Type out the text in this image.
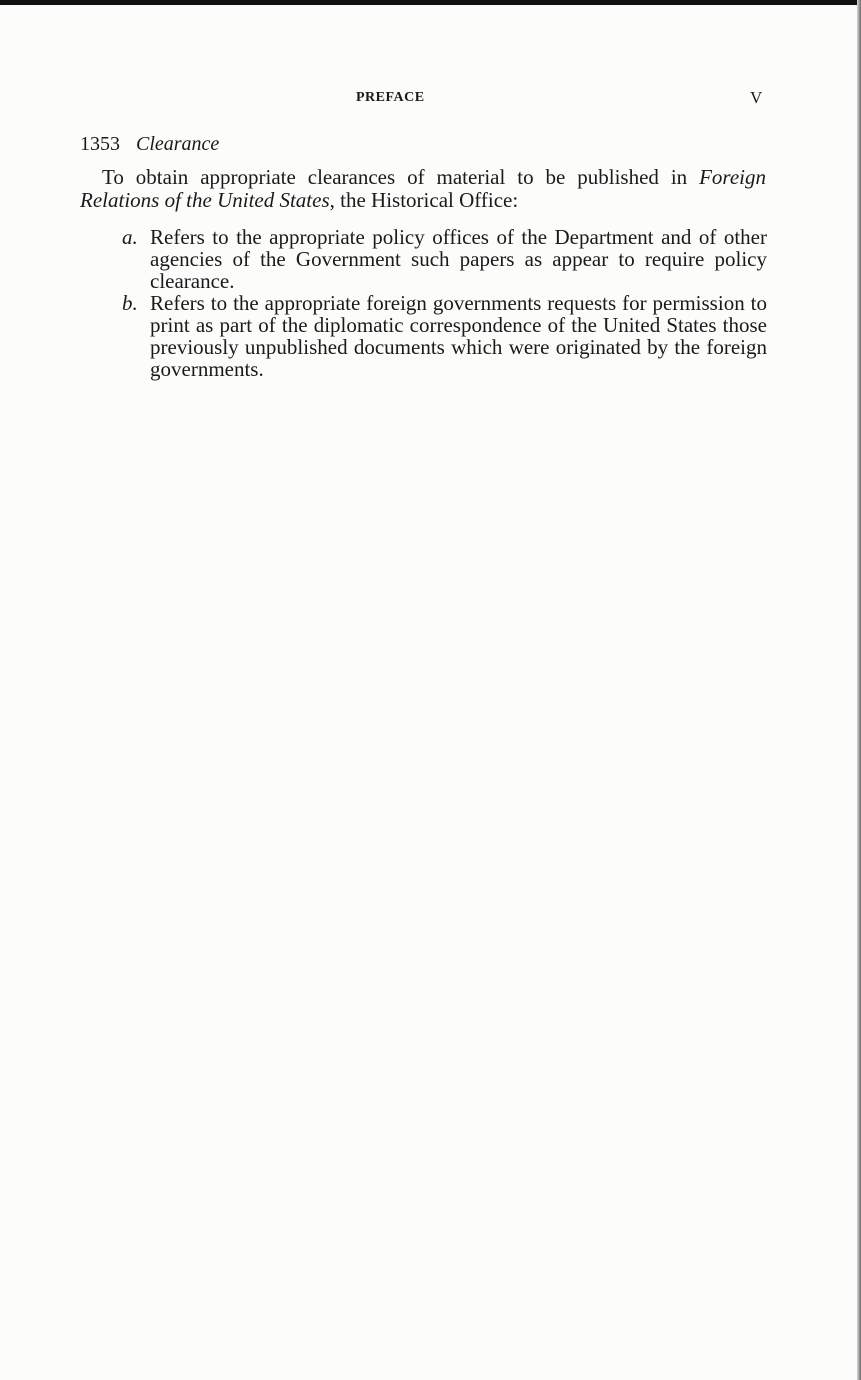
PREFACE	V
1353 Clearance

To obtain appropriate clearances of material to be published in Foreign Relations of the United States, the Historical Office:

a. Refers to the appropriate policy offices of the Department and of other agencies of the Government such papers as appear to require policy clearance.
b. Refers to the appropriate foreign governments requests for permission to print as part of the diplomatic correspondence of the United States those previously unpublished documents which were originated by the foreign governments.
